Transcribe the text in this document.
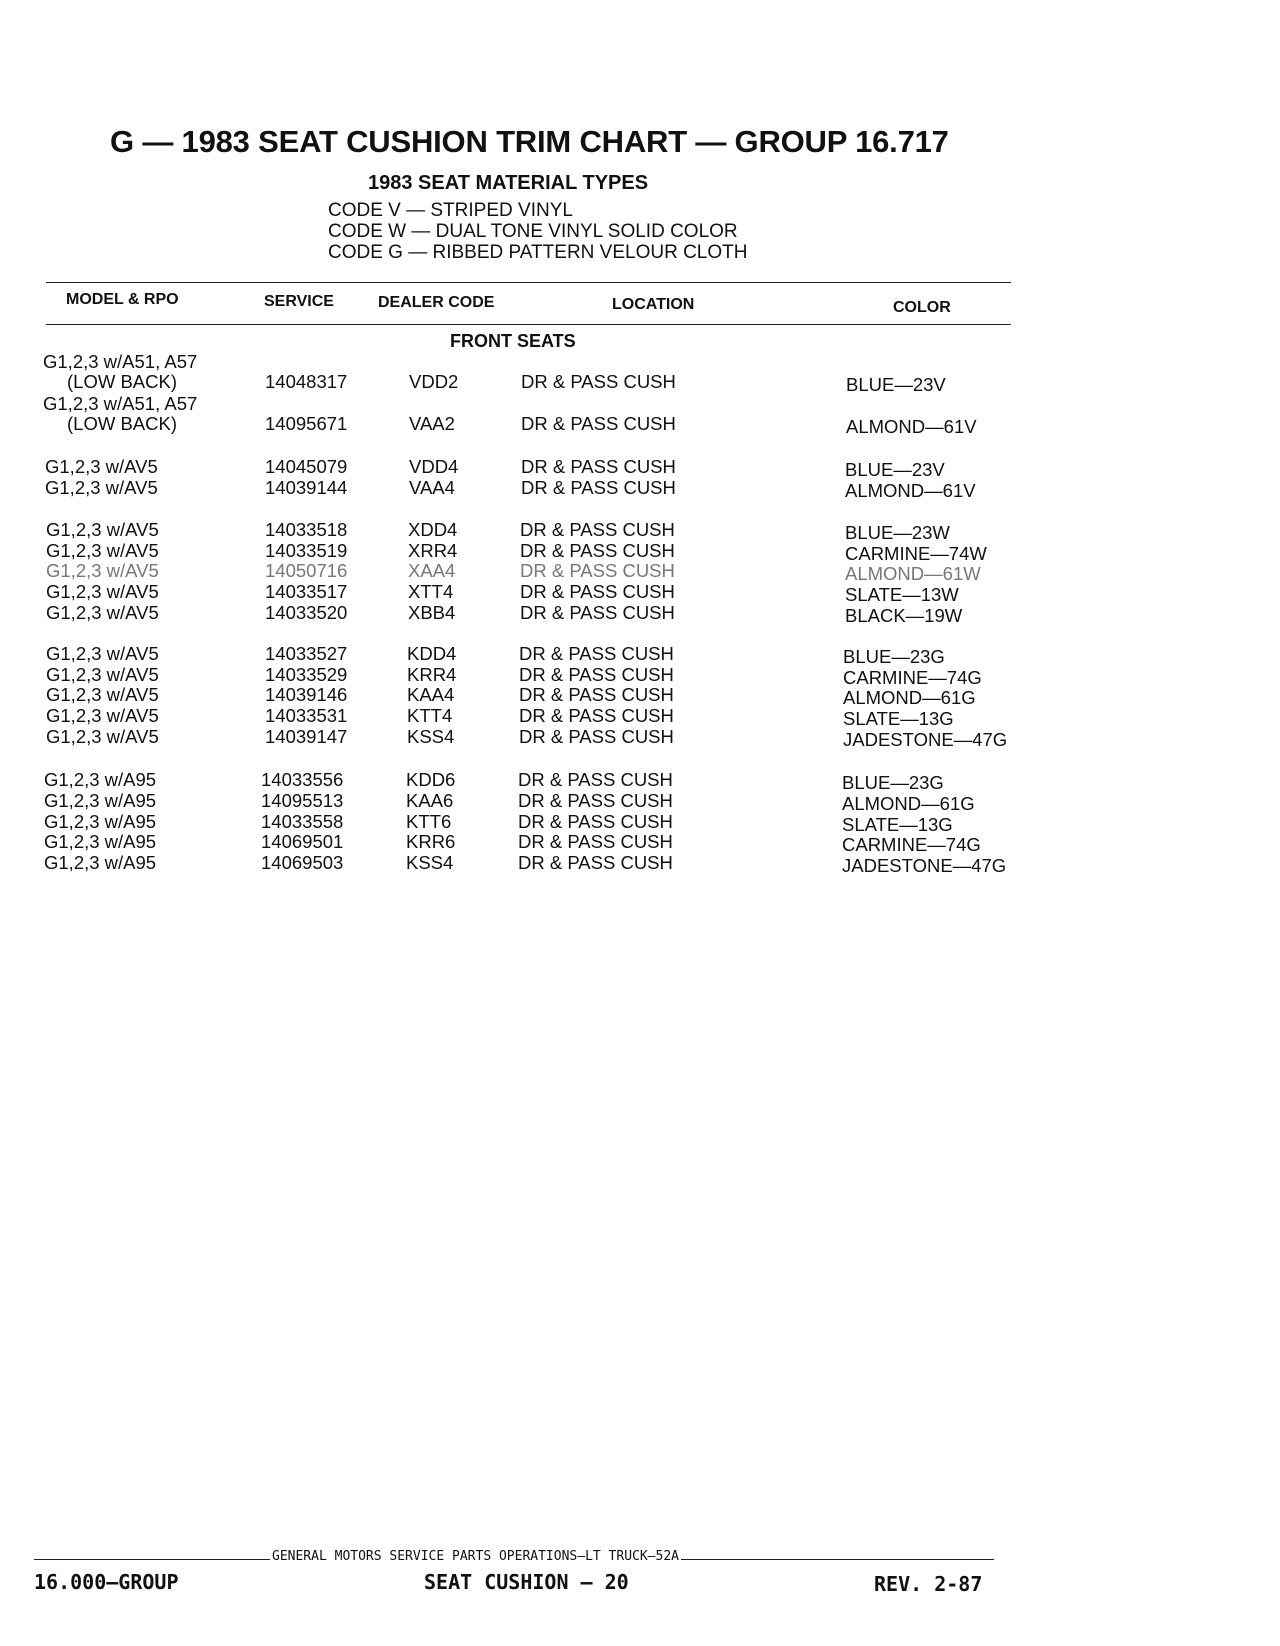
G — 1983 SEAT CUSHION TRIM CHART — GROUP 16.717
1983 SEAT MATERIAL TYPES
CODE V — STRIPED VINYL
CODE W — DUAL TONE VINYL SOLID COLOR
CODE G — RIBBED PATTERN VELOUR CLOTH
MODEL & RPO	SERVICE	DEALER CODE	LOCATION	COLOR
FRONT SEATS
G1,2,3 w/A51, A57
(LOW BACK)	14048317	VDD2	DR & PASS CUSH	BLUE—23V
G1,2,3 w/A51, A57
(LOW BACK)	14095671	VAA2	DR & PASS CUSH	ALMOND—61V
G1,2,3 w/AV5	14045079	VDD4	DR & PASS CUSH	BLUE—23V
G1,2,3 w/AV5	14039144	VAA4	DR & PASS CUSH	ALMOND—61V
G1,2,3 w/AV5	14033518	XDD4	DR & PASS CUSH	BLUE—23W
G1,2,3 w/AV5	14033519	XRR4	DR & PASS CUSH	CARMINE—74W
G1,2,3 w/AV5	14050716	XAA4	DR & PASS CUSH	ALMOND—61W
G1,2,3 w/AV5	14033517	XTT4	DR & PASS CUSH	SLATE—13W
G1,2,3 w/AV5	14033520	XBB4	DR & PASS CUSH	BLACK—19W
G1,2,3 w/AV5	14033527	KDD4	DR & PASS CUSH	BLUE—23G
G1,2,3 w/AV5	14033529	KRR4	DR & PASS CUSH	CARMINE—74G
G1,2,3 w/AV5	14039146	KAA4	DR & PASS CUSH	ALMOND—61G
G1,2,3 w/AV5	14033531	KTT4	DR & PASS CUSH	SLATE—13G
G1,2,3 w/AV5	14039147	KSS4	DR & PASS CUSH	JADESTONE—47G
G1,2,3 w/A95	14033556	KDD6	DR & PASS CUSH	BLUE—23G
G1,2,3 w/A95	14095513	KAA6	DR & PASS CUSH	ALMOND—61G
G1,2,3 w/A95	14033558	KTT6	DR & PASS CUSH	SLATE—13G
G1,2,3 w/A95	14069501	KRR6	DR & PASS CUSH	CARMINE—74G
G1,2,3 w/A95	14069503	KSS4	DR & PASS CUSH	JADESTONE—47G
GENERAL MOTORS SERVICE PARTS OPERATIONS—LT TRUCK—52A
16.000—GROUP	SEAT CUSHION — 20	REV. 2-87
